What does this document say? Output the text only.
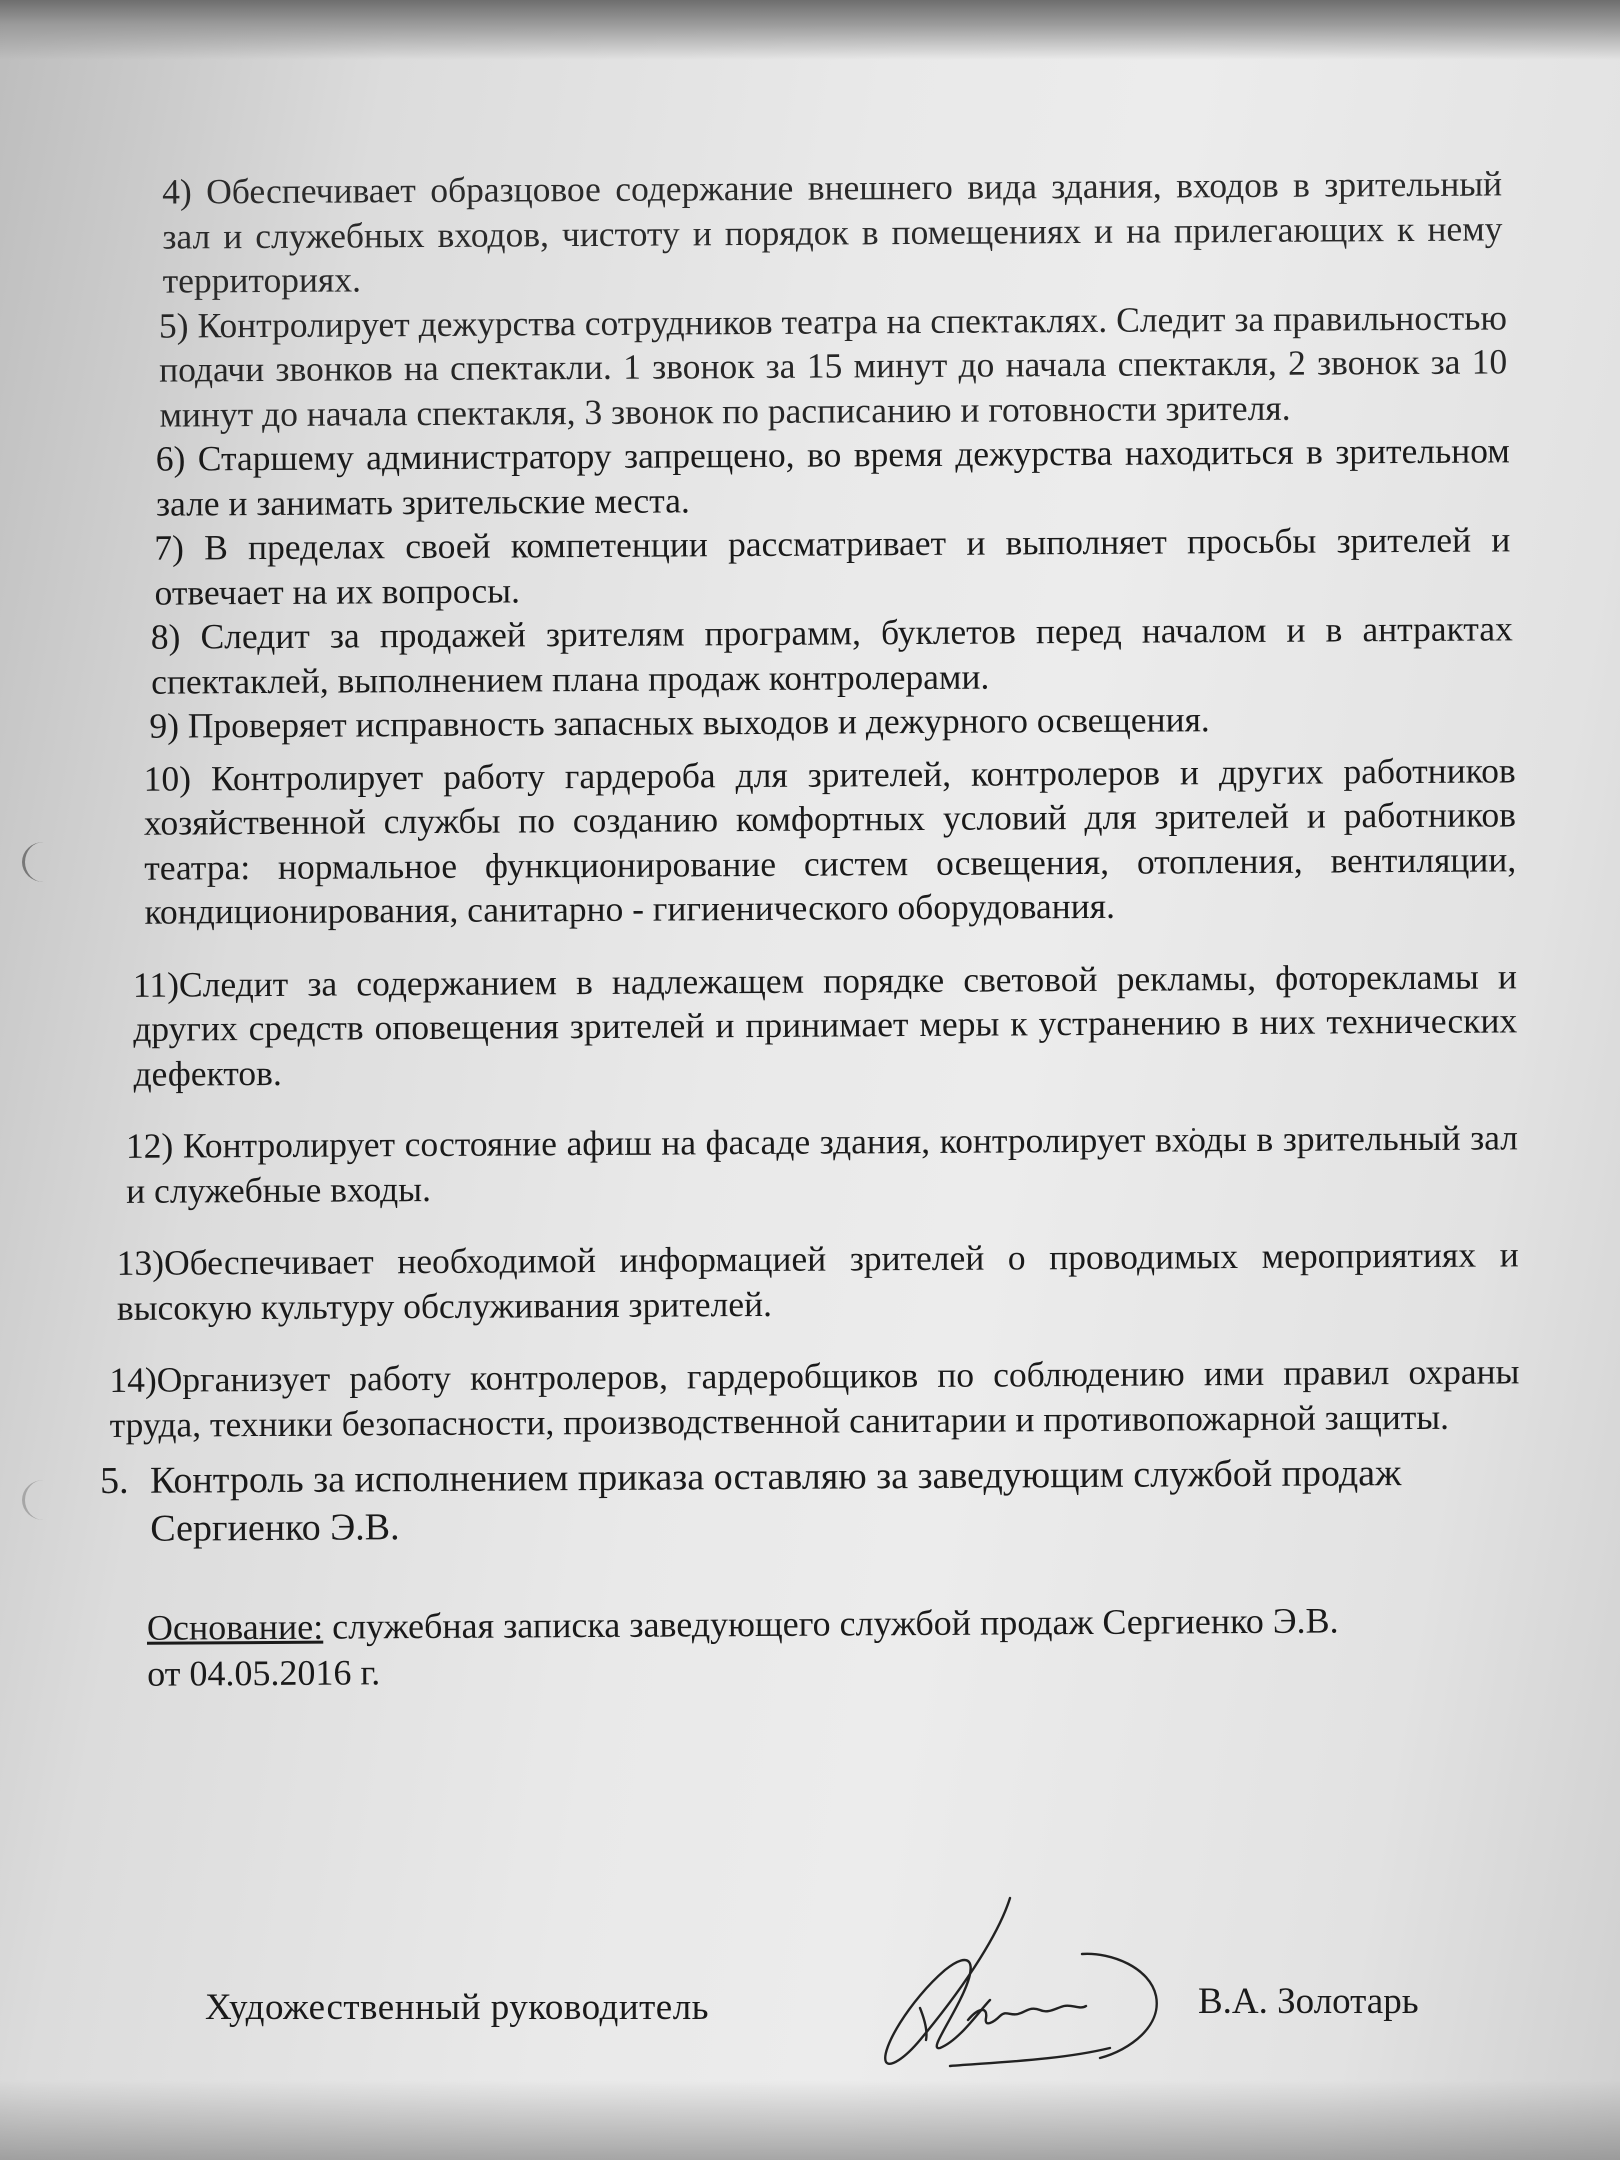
4) Обеспечивает образцовое содержание внешнего вида здания, входов в зрительный зал и служебных входов, чистоту и порядок в помещениях и на прилегающих к нему территориях.

5) Контролирует дежурства сотрудников театра на спектаклях. Следит за правильностью подачи звонков на спектакли. 1 звонок за 15 минут до начала спектакля, 2 звонок за 10 минут до начала спектакля, 3 звонок по расписанию и готовности зрителя.

6) Старшему администратору запрещено, во время дежурства находиться в зрительном зале и занимать зрительские места.

7) В пределах своей компетенции рассматривает и выполняет просьбы зрителей и отвечает на их вопросы.

8) Следит за продажей зрителям программ, буклетов перед началом и в антрактах спектаклей, выполнением плана продаж контролерами.

9) Проверяет исправность запасных выходов и дежурного освещения.

10) Контролирует работу гардероба для зрителей, контролеров и других работников хозяйственной службы по созданию комфортных условий для зрителей и работников театра: нормальное функционирование систем освещения, отопления, вентиляции, кондиционирования, санитарно - гигиенического оборудования.

11)Следит за содержанием в надлежащем порядке световой рекламы, фоторекламы и других средств оповещения зрителей и принимает меры к устранению в них технических дефектов.

12) Контролирует состояние афиш на фасаде здания, контролирует входы в зрительный зал и служебные входы.

13)Обеспечивает необходимой информацией зрителей о проводимых мероприятиях и высокую культуру обслуживания зрителей.

14)Организует работу контролеров, гардеробщиков по соблюдению ими правил охраны труда, техники безопасности, производственной санитарии и противопожарной защиты.

5. Контроль за исполнением приказа оставляю за заведующим службой продаж Сергиенко Э.В.
Основание: служебная записка заведующего службой продаж Сергиенко Э.В.
от 04.05.2016 г.
Художественный руководитель	В.А. Золотарь
